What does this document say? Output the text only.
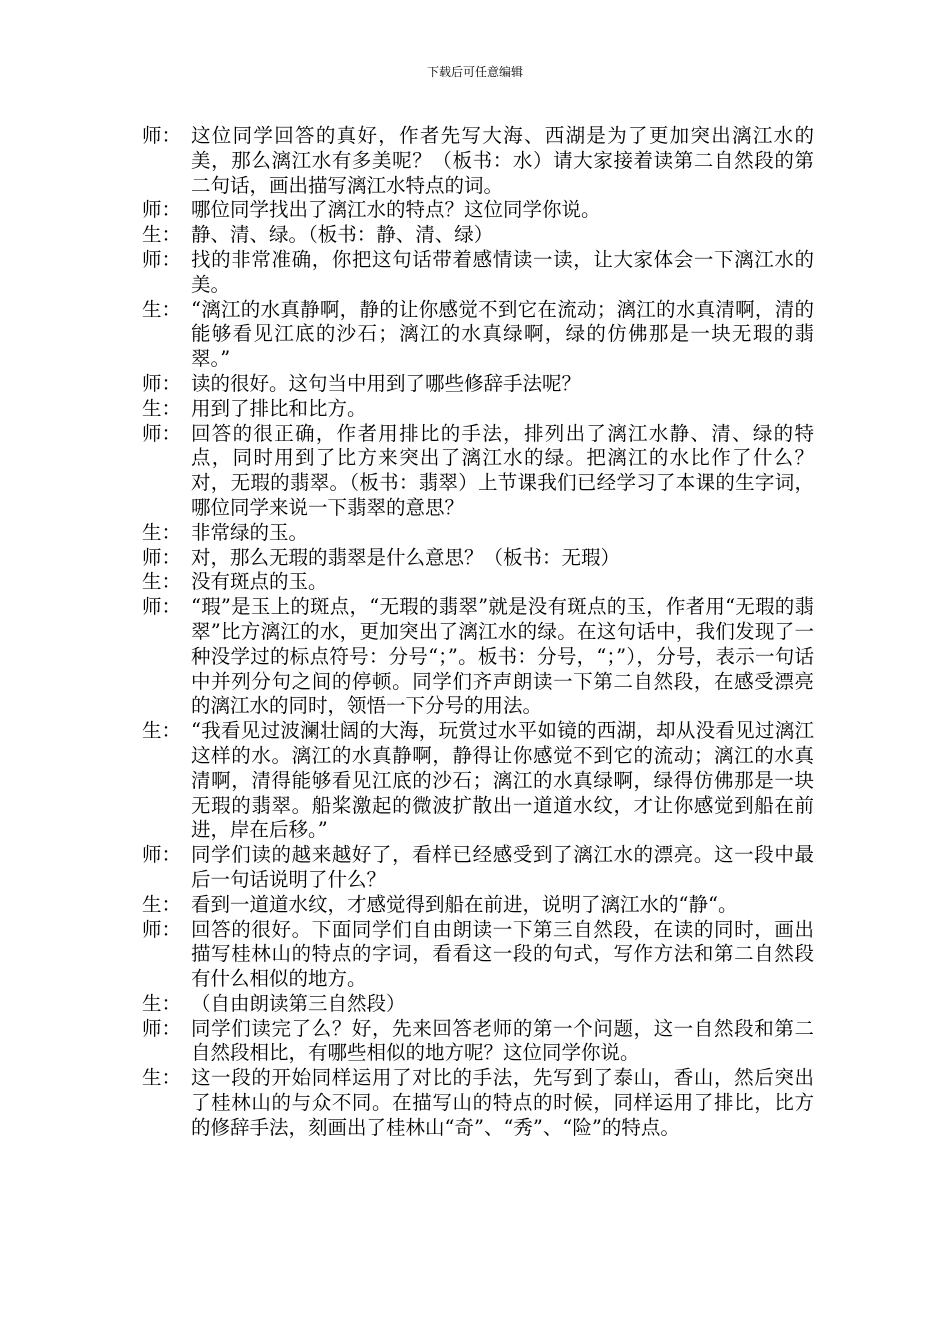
下载后可任意编辑
师： 这位同学回答的真好，作者先写大海、西湖是为了更加突出漓江水的美，那么漓江水有多美呢？（板书：水）请大家接着读第二自然段的第二句话，画出描写漓江水特点的词。
师： 哪位同学找出了漓江水的特点？这位同学你说。
生： 静、清、绿。（板书：静、清、绿）
师： 找的非常准确，你把这句话带着感情读一读，让大家体会一下漓江水的美。
生： “漓江的水真静啊，静的让你感觉不到它在流动；漓江的水真清啊，清的能够看见江底的沙石；漓江的水真绿啊，绿的仿佛那是一块无瑕的翡翠。”
师： 读的很好。这句当中用到了哪些修辞手法呢？
生： 用到了排比和比方。
师： 回答的很正确，作者用排比的手法，排列出了漓江水静、清、绿的特点，同时用到了比方来突出了漓江水的绿。把漓江的水比作了什么？对，无瑕的翡翠。（板书：翡翠）上节课我们已经学习了本课的生字词，哪位同学来说一下翡翠的意思？
生： 非常绿的玉。
师： 对，那么无瑕的翡翠是什么意思？（板书：无瑕）
生： 没有斑点的玉。
师： “瑕”是玉上的斑点，“无瑕的翡翠”就是没有斑点的玉，作者用“无瑕的翡翠”比方漓江的水，更加突出了漓江水的绿。在这句话中，我们发现了一种没学过的标点符号：分号“；”。板书：分号，“；”），分号，表示一句话中并列分句之间的停顿。同学们齐声朗读一下第二自然段，在感受漂亮的漓江水的同时，领悟一下分号的用法。
生： “我看见过波澜壮阔的大海，玩赏过水平如镜的西湖，却从没看见过漓江这样的水。漓江的水真静啊，静得让你感觉不到它的流动；漓江的水真清啊，清得能够看见江底的沙石；漓江的水真绿啊，绿得仿佛那是一块无瑕的翡翠。船桨激起的微波扩散出一道道水纹，才让你感觉到船在前进，岸在后移。”
师： 同学们读的越来越好了，看样已经感受到了漓江水的漂亮。这一段中最后一句话说明了什么？
生： 看到一道道水纹，才感觉得到船在前进，说明了漓江水的“静“。
师： 回答的很好。下面同学们自由朗读一下第三自然段，在读的同时，画出描写桂林山的特点的字词，看看这一段的句式，写作方法和第二自然段有什么相似的地方。
生： （自由朗读第三自然段）
师： 同学们读完了么？好，先来回答老师的第一个问题，这一自然段和第二自然段相比，有哪些相似的地方呢？这位同学你说。
生： 这一段的开始同样运用了对比的手法，先写到了泰山，香山，然后突出了桂林山的与众不同。在描写山的特点的时候，同样运用了排比，比方的修辞手法，刻画出了桂林山“奇”、“秀”、“险”的特点。
